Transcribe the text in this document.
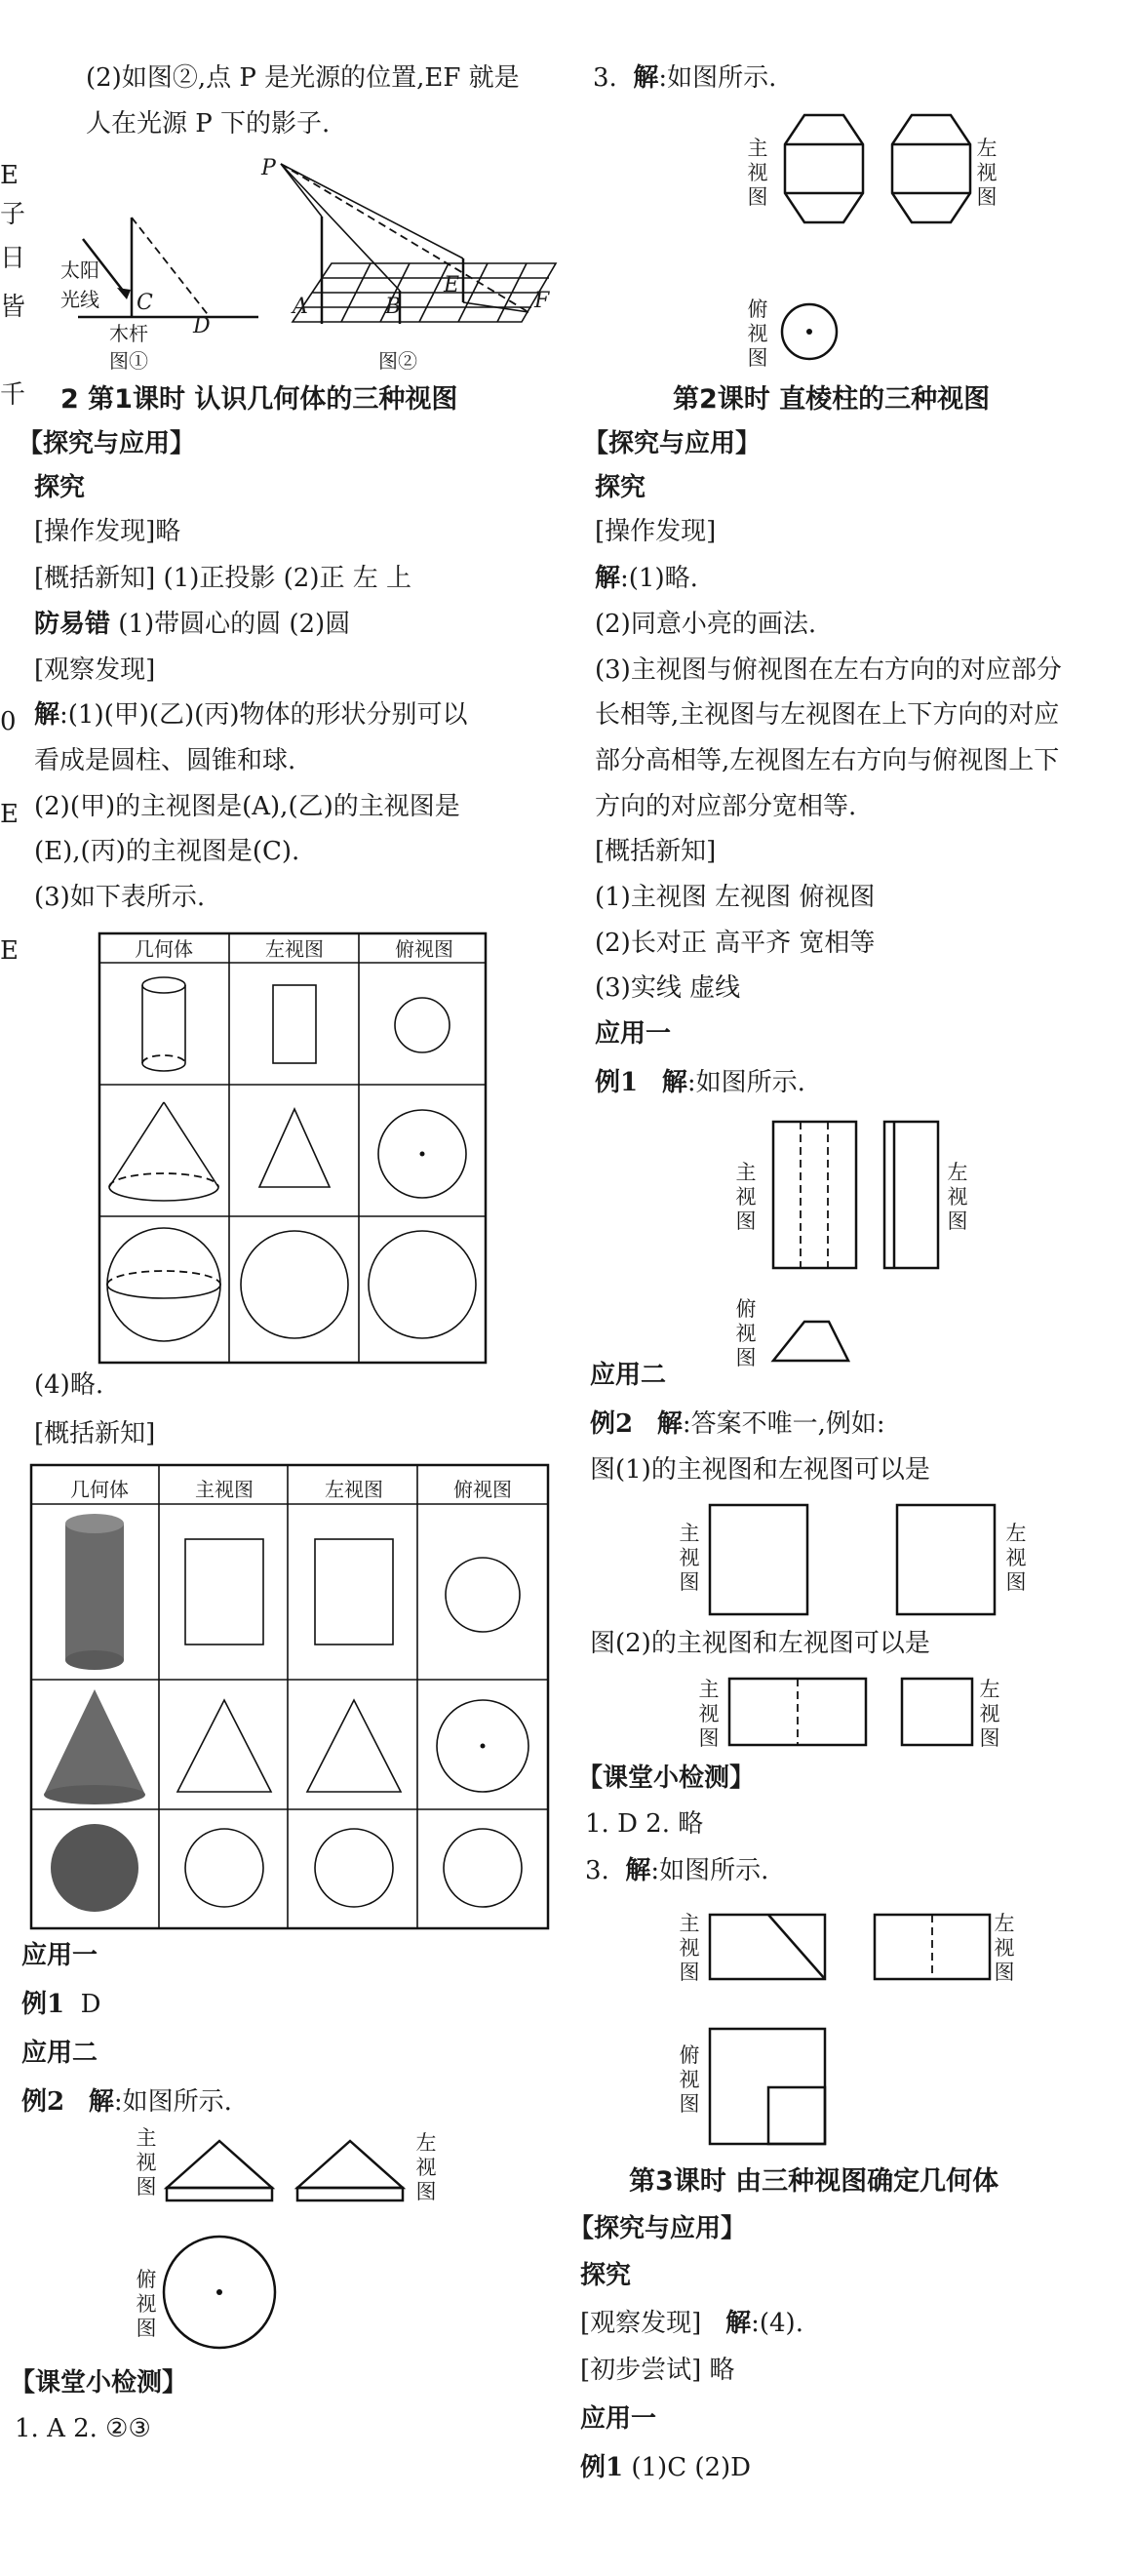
(2)如图②,点 P 是光源的位置,EF 就是
人在光源 P 下的影子.
E
子
日
皆
千
0
E
E
太阳
光线 C
D
木杆
图①
P
A	B
E
F
图②
2 第1课时 认识几何体的三种视图
【探究与应用】
探究
[操作发现]略
[概括新知] (1)正投影 (2)正 左 上
防易错 (1)带圆心的圆 (2)圆
[观察发现]
解:(1)(甲)(乙)(丙)物体的形状分别可以
看成是圆柱、圆锥和球.
(2)(甲)的主视图是(A),(乙)的主视图是
(E),(丙)的主视图是(C).
(3)如下表所示.
几何体	左视图	俯视图
(4)略.
[概括新知]
几何体	主视图	左视图	俯视图
应用一
例1 D
应用二
例2 解:如图所示.
主
视
图
左
视
图
俯
视
图
【课堂小检测】
1. A 2. ②③
3. 解:如图所示.
主
视
图
左
视
图
俯
视
图
第2课时 直棱柱的三种视图
【探究与应用】
探究
[操作发现]
解:(1)略.
(2)同意小亮的画法.
(3)主视图与俯视图在左右方向的对应部分
长相等,主视图与左视图在上下方向的对应
部分高相等,左视图左右方向与俯视图上下
方向的对应部分宽相等.
[概括新知]
(1)主视图 左视图 俯视图
(2)长对正 高平齐 宽相等
(3)实线 虚线
应用一
例1 解:如图所示.
主
视
图
左
视
图
俯
视
图
应用二
例2 解:答案不唯一,例如:
图(1)的主视图和左视图可以是
主
视
图
左
视
图
图(2)的主视图和左视图可以是
主
视
图
左
视
图
【课堂小检测】
1. D 2. 略
3. 解:如图所示.
主
视
图
左
视
图
俯
视
图
第3课时 由三种视图确定几何体
【探究与应用】
探究
[观察发现] 解:(4).
[初步尝试] 略
应用一
例1 (1)C (2)D
